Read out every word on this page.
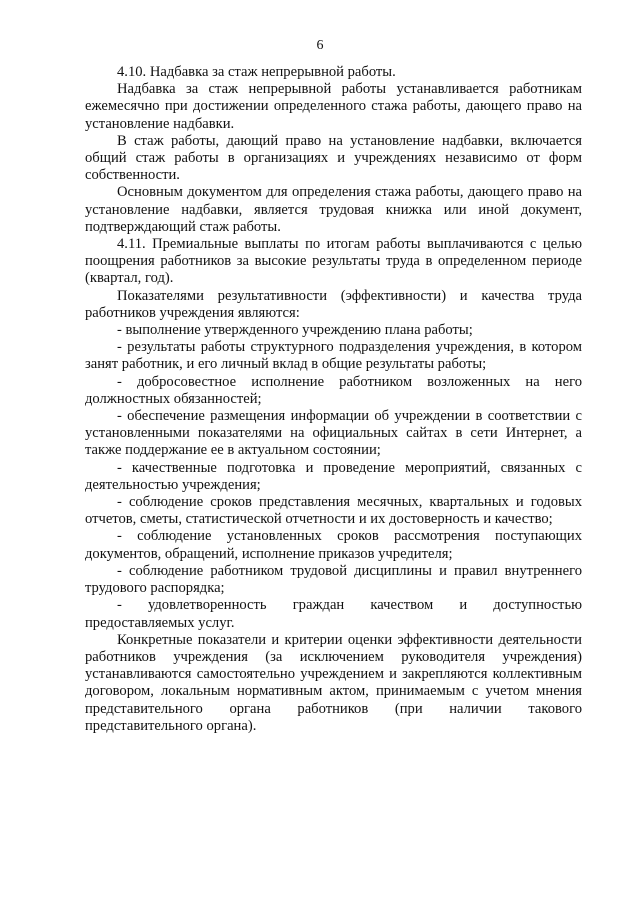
6

4.10. Надбавка за стаж непрерывной работы.

Надбавка за стаж непрерывной работы устанавливается работникам ежемесячно при достижении определенного стажа работы, дающего право на установление надбавки.

В стаж работы, дающий право на установление надбавки, включается общий стаж работы в организациях и учреждениях независимо от форм собственности.

Основным документом для определения стажа работы, дающего право на установление надбавки, является трудовая книжка или иной документ, подтверждающий стаж работы.

4.11. Премиальные выплаты по итогам работы выплачиваются с целью поощрения работников за высокие результаты труда в определенном периоде (квартал, год).

Показателями результативности (эффективности) и качества труда работников учреждения являются:

- выполнение утвержденного учреждению плана работы;

- результаты работы структурного подразделения учреждения, в котором занят работник, и его личный вклад в общие результаты работы;

- добросовестное исполнение работником возложенных на него должностных обязанностей;

- обеспечение размещения информации об учреждении в соответствии с установленными показателями на официальных сайтах в сети Интернет, а также поддержание ее в актуальном состоянии;

- качественные подготовка и проведение мероприятий, связанных с деятельностью учреждения;

- соблюдение сроков представления месячных, квартальных и годовых отчетов, сметы, статистической отчетности и их достоверность и качество;

- соблюдение установленных сроков рассмотрения поступающих документов, обращений, исполнение приказов учредителя;

- соблюдение работником трудовой дисциплины и правил внутреннего трудового распорядка;

- удовлетворенность граждан качеством и доступностью предоставляемых услуг.

Конкретные показатели и критерии оценки эффективности деятельности работников учреждения (за исключением руководителя учреждения) устанавливаются самостоятельно учреждением и закрепляются коллективным договором, локальным нормативным актом, принимаемым с учетом мнения представительного органа работников (при наличии такового представительного органа).
